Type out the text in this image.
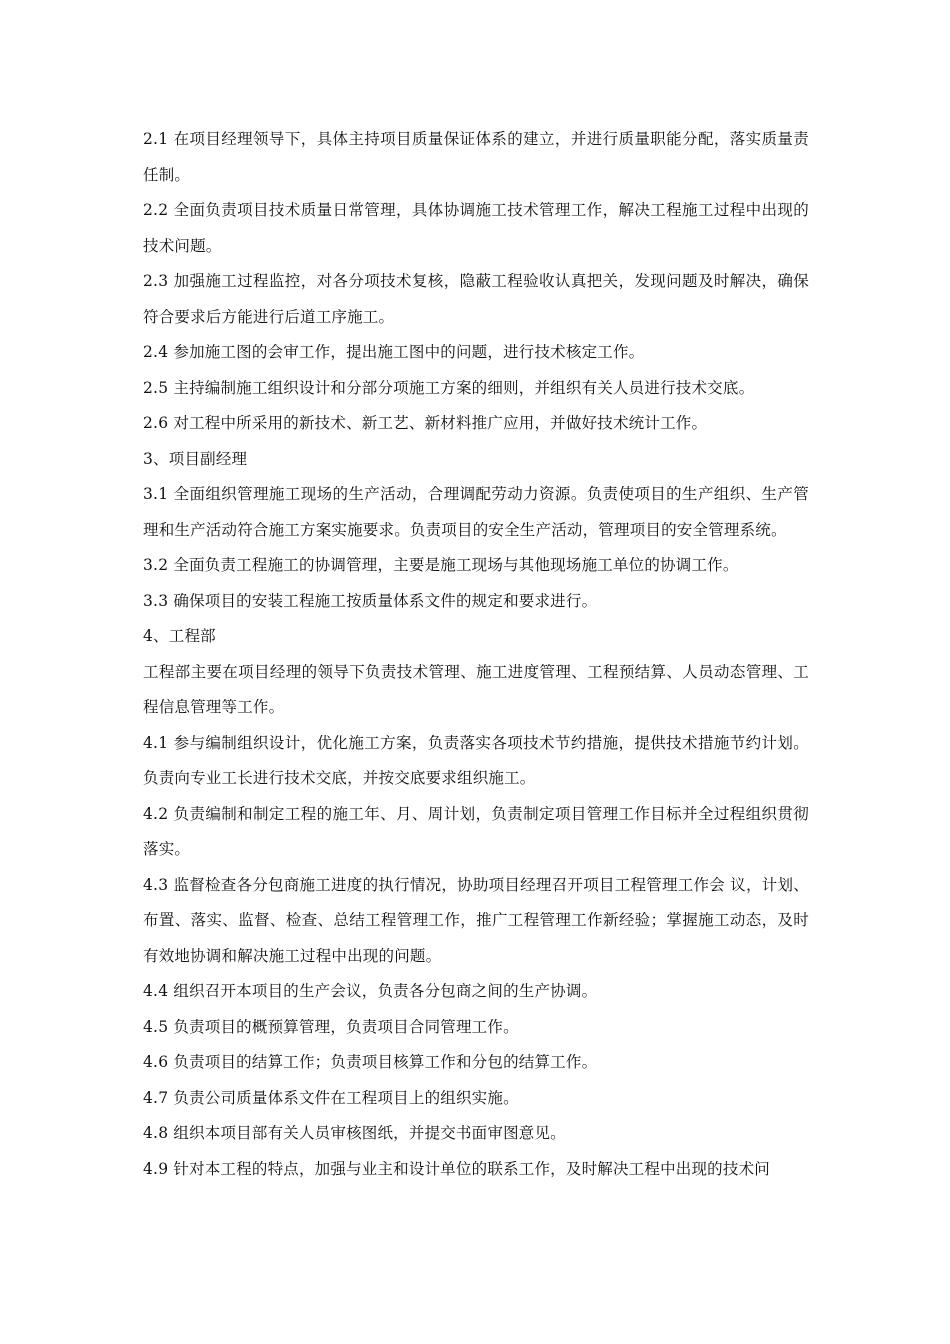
2.1 在项目经理领导下，具体主持项目质量保证体系的建立，并进行质量职能分配，落实质量责任制。

2.2 全面负责项目技术质量日常管理，具体协调施工技术管理工作，解决工程施工过程中出现的技术问题。

2.3 加强施工过程监控，对各分项技术复核，隐蔽工程验收认真把关，发现问题及时解决，确保符合要求后方能进行后道工序施工。

2.4 参加施工图的会审工作，提出施工图中的问题，进行技术核定工作。

2.5 主持编制施工组织设计和分部分项施工方案的细则，并组织有关人员进行技术交底。

2.6 对工程中所采用的新技术、新工艺、新材料推广应用，并做好技术统计工作。

3、项目副经理

3.1 全面组织管理施工现场的生产活动，合理调配劳动力资源。负责使项目的生产组织、生产管理和生产活动符合施工方案实施要求。负责项目的安全生产活动，管理项目的安全管理系统。

3.2 全面负责工程施工的协调管理，主要是施工现场与其他现场施工单位的协调工作。

3.3 确保项目的安装工程施工按质量体系文件的规定和要求进行。

4、工程部

工程部主要在项目经理的领导下负责技术管理、施工进度管理、工程预结算、人员动态管理、工程信息管理等工作。

4.1 参与编制组织设计，优化施工方案，负责落实各项技术节约措施，提供技术措施节约计划。负责向专业工长进行技术交底，并按交底要求组织施工。

4.2 负责编制和制定工程的施工年、月、周计划，负责制定项目管理工作目标并全过程组织贯彻落实。

4.3 监督检查各分包商施工进度的执行情况，协助项目经理召开项目工程管理工作会 议，计划、布置、落实、监督、检查、总结工程管理工作，推广工程管理工作新经验；掌握施工动态，及时有效地协调和解决施工过程中出现的问题。

4.4 组织召开本项目的生产会议，负责各分包商之间的生产协调。

4.5 负责项目的概预算管理，负责项目合同管理工作。

4.6 负责项目的结算工作；负责项目核算工作和分包的结算工作。

4.7 负责公司质量体系文件在工程项目上的组织实施。

4.8 组织本项目部有关人员审核图纸，并提交书面审图意见。

4.9 针对本工程的特点，加强与业主和设计单位的联系工作，及时解决工程中出现的技术问
